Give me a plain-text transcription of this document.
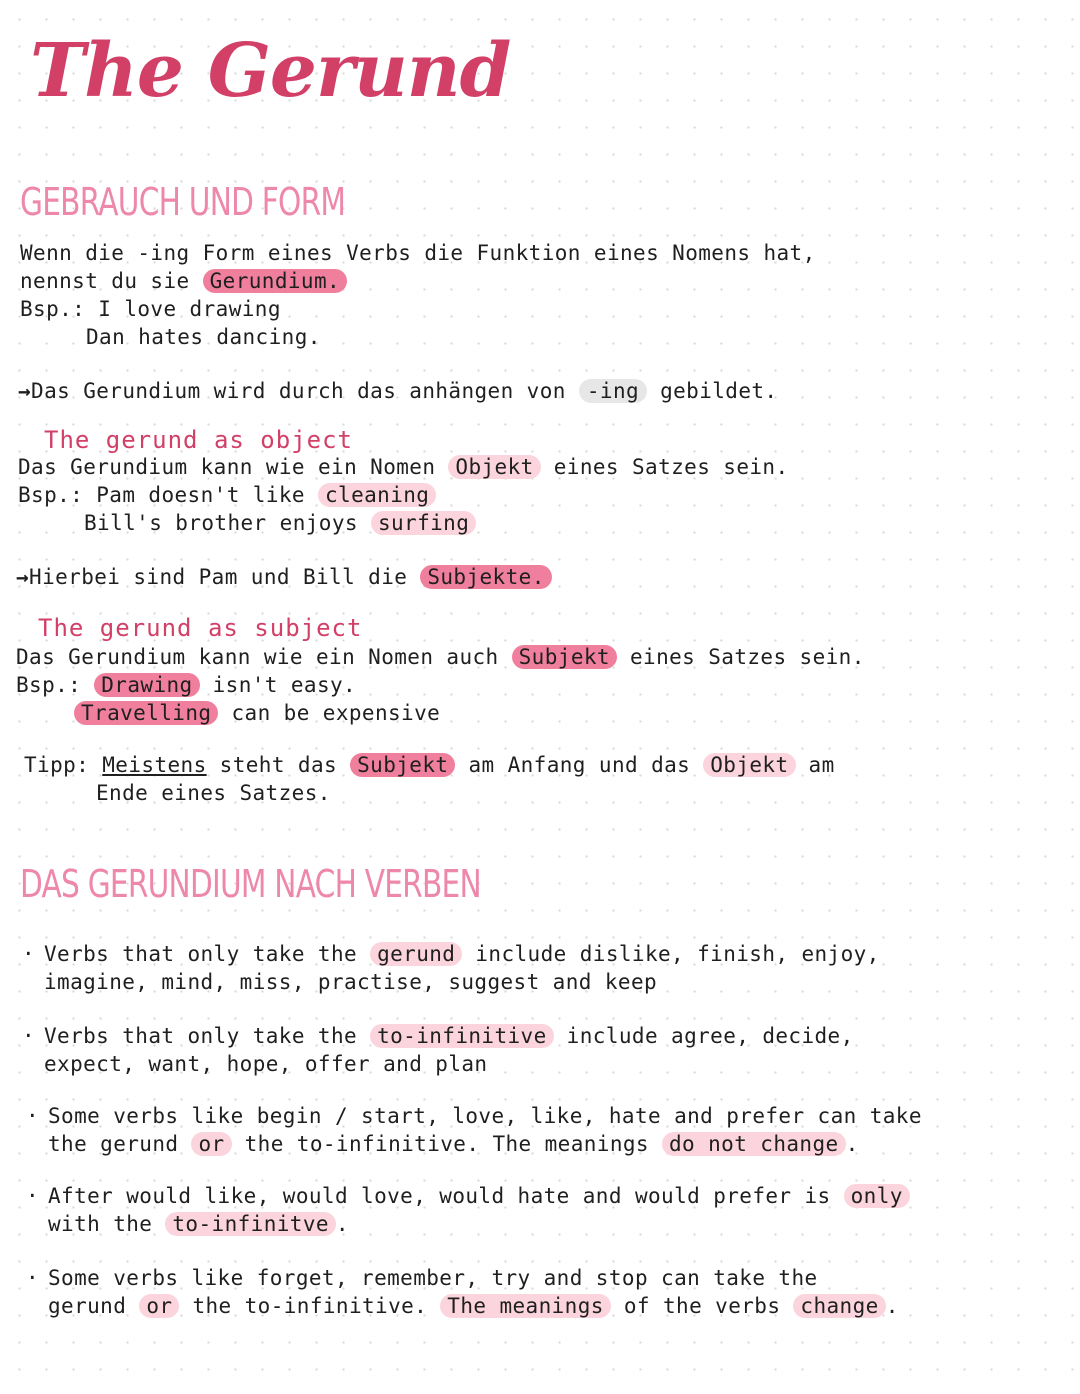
The Gerund
GEBRAUCH UND FORM
Wenn die -ing Form eines Verbs die Funktion eines Nomens hat,
nennst du sie Gerundium.
Bsp.: I love drawing
Dan hates dancing.
→Das Gerundium wird durch das anhängen von -ing gebildet.
The gerund as object
Das Gerundium kann wie ein Nomen Objekt eines Satzes sein.
Bsp.: Pam doesn't like cleaning
Bill's brother enjoys surfing
→Hierbei sind Pam und Bill die Subjekte.
The gerund as subject
Das Gerundium kann wie ein Nomen auch Subjekt eines Satzes sein.
Bsp.: Drawing isn't easy.
Travelling can be expensive
Tipp: Meistens steht das Subjekt am Anfang und das Objekt am
Ende eines Satzes.
DAS GERUNDIUM NACH VERBEN
· Verbs that only take the gerund include dislike, finish, enjoy,
imagine, mind, miss, practise, suggest and keep
· Verbs that only take the to-infinitive include agree, decide,
expect, want, hope, offer and plan
· Some verbs like begin / start, love, like, hate and prefer can take
the gerund or the to-infinitive. The meanings do not change .
· After would like, would love, would hate and would prefer is only
with the to-infinitve .
· Some verbs like forget, remember, try and stop can take the
gerund or the to-infinitive. The meanings of the verbs change .
